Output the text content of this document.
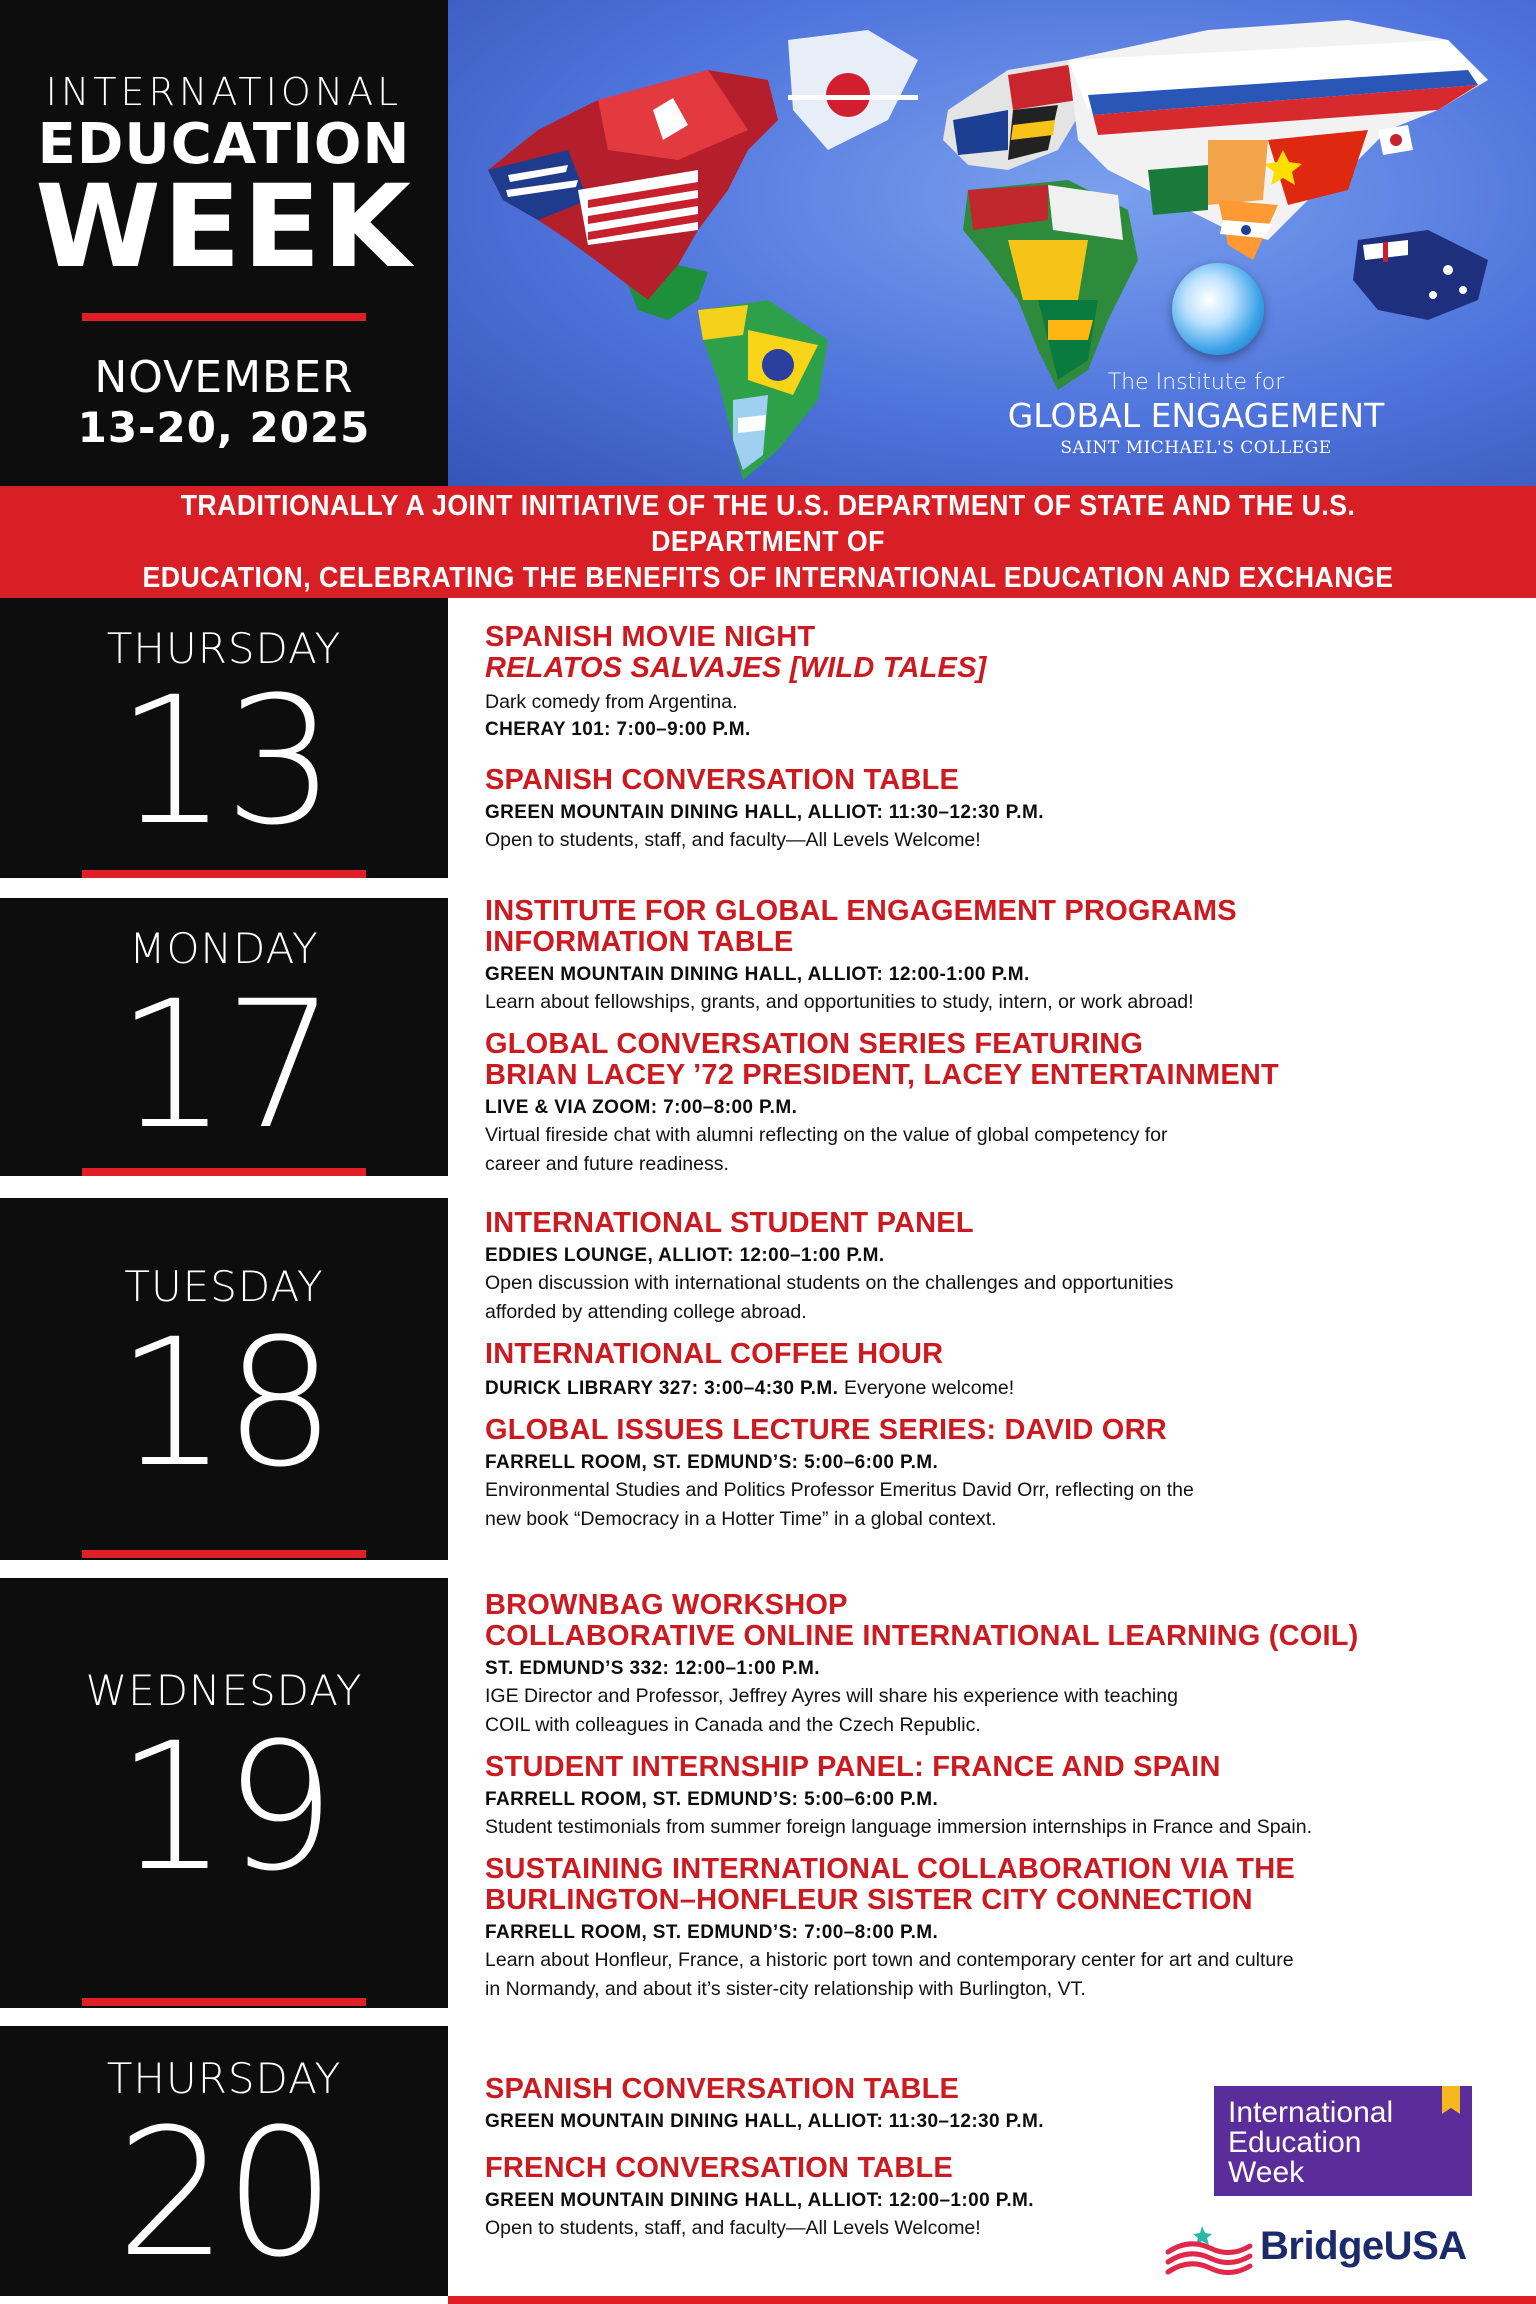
INTERNATIONAL
EDUCATION
WEEK
NOVEMBER
13-20, 2025
The Institute for
GLOBAL ENGAGEMENT
SAINT MICHAEL'S COLLEGE
TRADITIONALLY A JOINT INITIATIVE OF THE U.S. DEPARTMENT OF STATE AND THE U.S. DEPARTMENT OF
EDUCATION, CELEBRATING THE BENEFITS OF INTERNATIONAL EDUCATION AND EXCHANGE
THURSDAY
13
SPANISH MOVIE NIGHT
RELATOS SALVAJES [WILD TALES]
Dark comedy from Argentina.
CHERAY 101: 7:00–9:00 P.M.
SPANISH CONVERSATION TABLE
GREEN MOUNTAIN DINING HALL, ALLIOT: 11:30–12:30 P.M.
Open to students, staff, and faculty—All Levels Welcome!
MONDAY
17
INSTITUTE FOR GLOBAL ENGAGEMENT PROGRAMS
INFORMATION TABLE
GREEN MOUNTAIN DINING HALL, ALLIOT: 12:00-1:00 P.M.
Learn about fellowships, grants, and opportunities to study, intern, or work abroad!
GLOBAL CONVERSATION SERIES FEATURING
BRIAN LACEY ’72 PRESIDENT, LACEY ENTERTAINMENT
LIVE & VIA ZOOM: 7:00–8:00 P.M.
Virtual fireside chat with alumni reflecting on the value of global competency for
career and future readiness.
TUESDAY
18
INTERNATIONAL STUDENT PANEL
EDDIES LOUNGE, ALLIOT: 12:00–1:00 P.M.
Open discussion with international students on the challenges and opportunities
afforded by attending college abroad.
INTERNATIONAL COFFEE HOUR
DURICK LIBRARY 327: 3:00–4:30 P.M. Everyone welcome!
GLOBAL ISSUES LECTURE SERIES: DAVID ORR
FARRELL ROOM, ST. EDMUND’S: 5:00–6:00 P.M.
Environmental Studies and Politics Professor Emeritus David Orr, reflecting on the
new book “Democracy in a Hotter Time” in a global context.
WEDNESDAY
19
BROWNBAG WORKSHOP
COLLABORATIVE ONLINE INTERNATIONAL LEARNING (COIL)
ST. EDMUND’S 332: 12:00–1:00 P.M.
IGE Director and Professor, Jeffrey Ayres will share his experience with teaching
COIL with colleagues in Canada and the Czech Republic.
STUDENT INTERNSHIP PANEL: FRANCE AND SPAIN
FARRELL ROOM, ST. EDMUND’S: 5:00–6:00 P.M.
Student testimonials from summer foreign language immersion internships in France and Spain.
SUSTAINING INTERNATIONAL COLLABORATION VIA THE
BURLINGTON–HONFLEUR SISTER CITY CONNECTION
FARRELL ROOM, ST. EDMUND’S: 7:00–8:00 P.M.
Learn about Honfleur, France, a historic port town and contemporary center for art and culture
in Normandy, and about it’s sister-city relationship with Burlington, VT.
THURSDAY
20
SPANISH CONVERSATION TABLE
GREEN MOUNTAIN DINING HALL, ALLIOT: 11:30–12:30 P.M.
FRENCH CONVERSATION TABLE
GREEN MOUNTAIN DINING HALL, ALLIOT: 12:00–1:00 P.M.
Open to students, staff, and faculty—All Levels Welcome!
International
Education
Week
BridgeUSA
